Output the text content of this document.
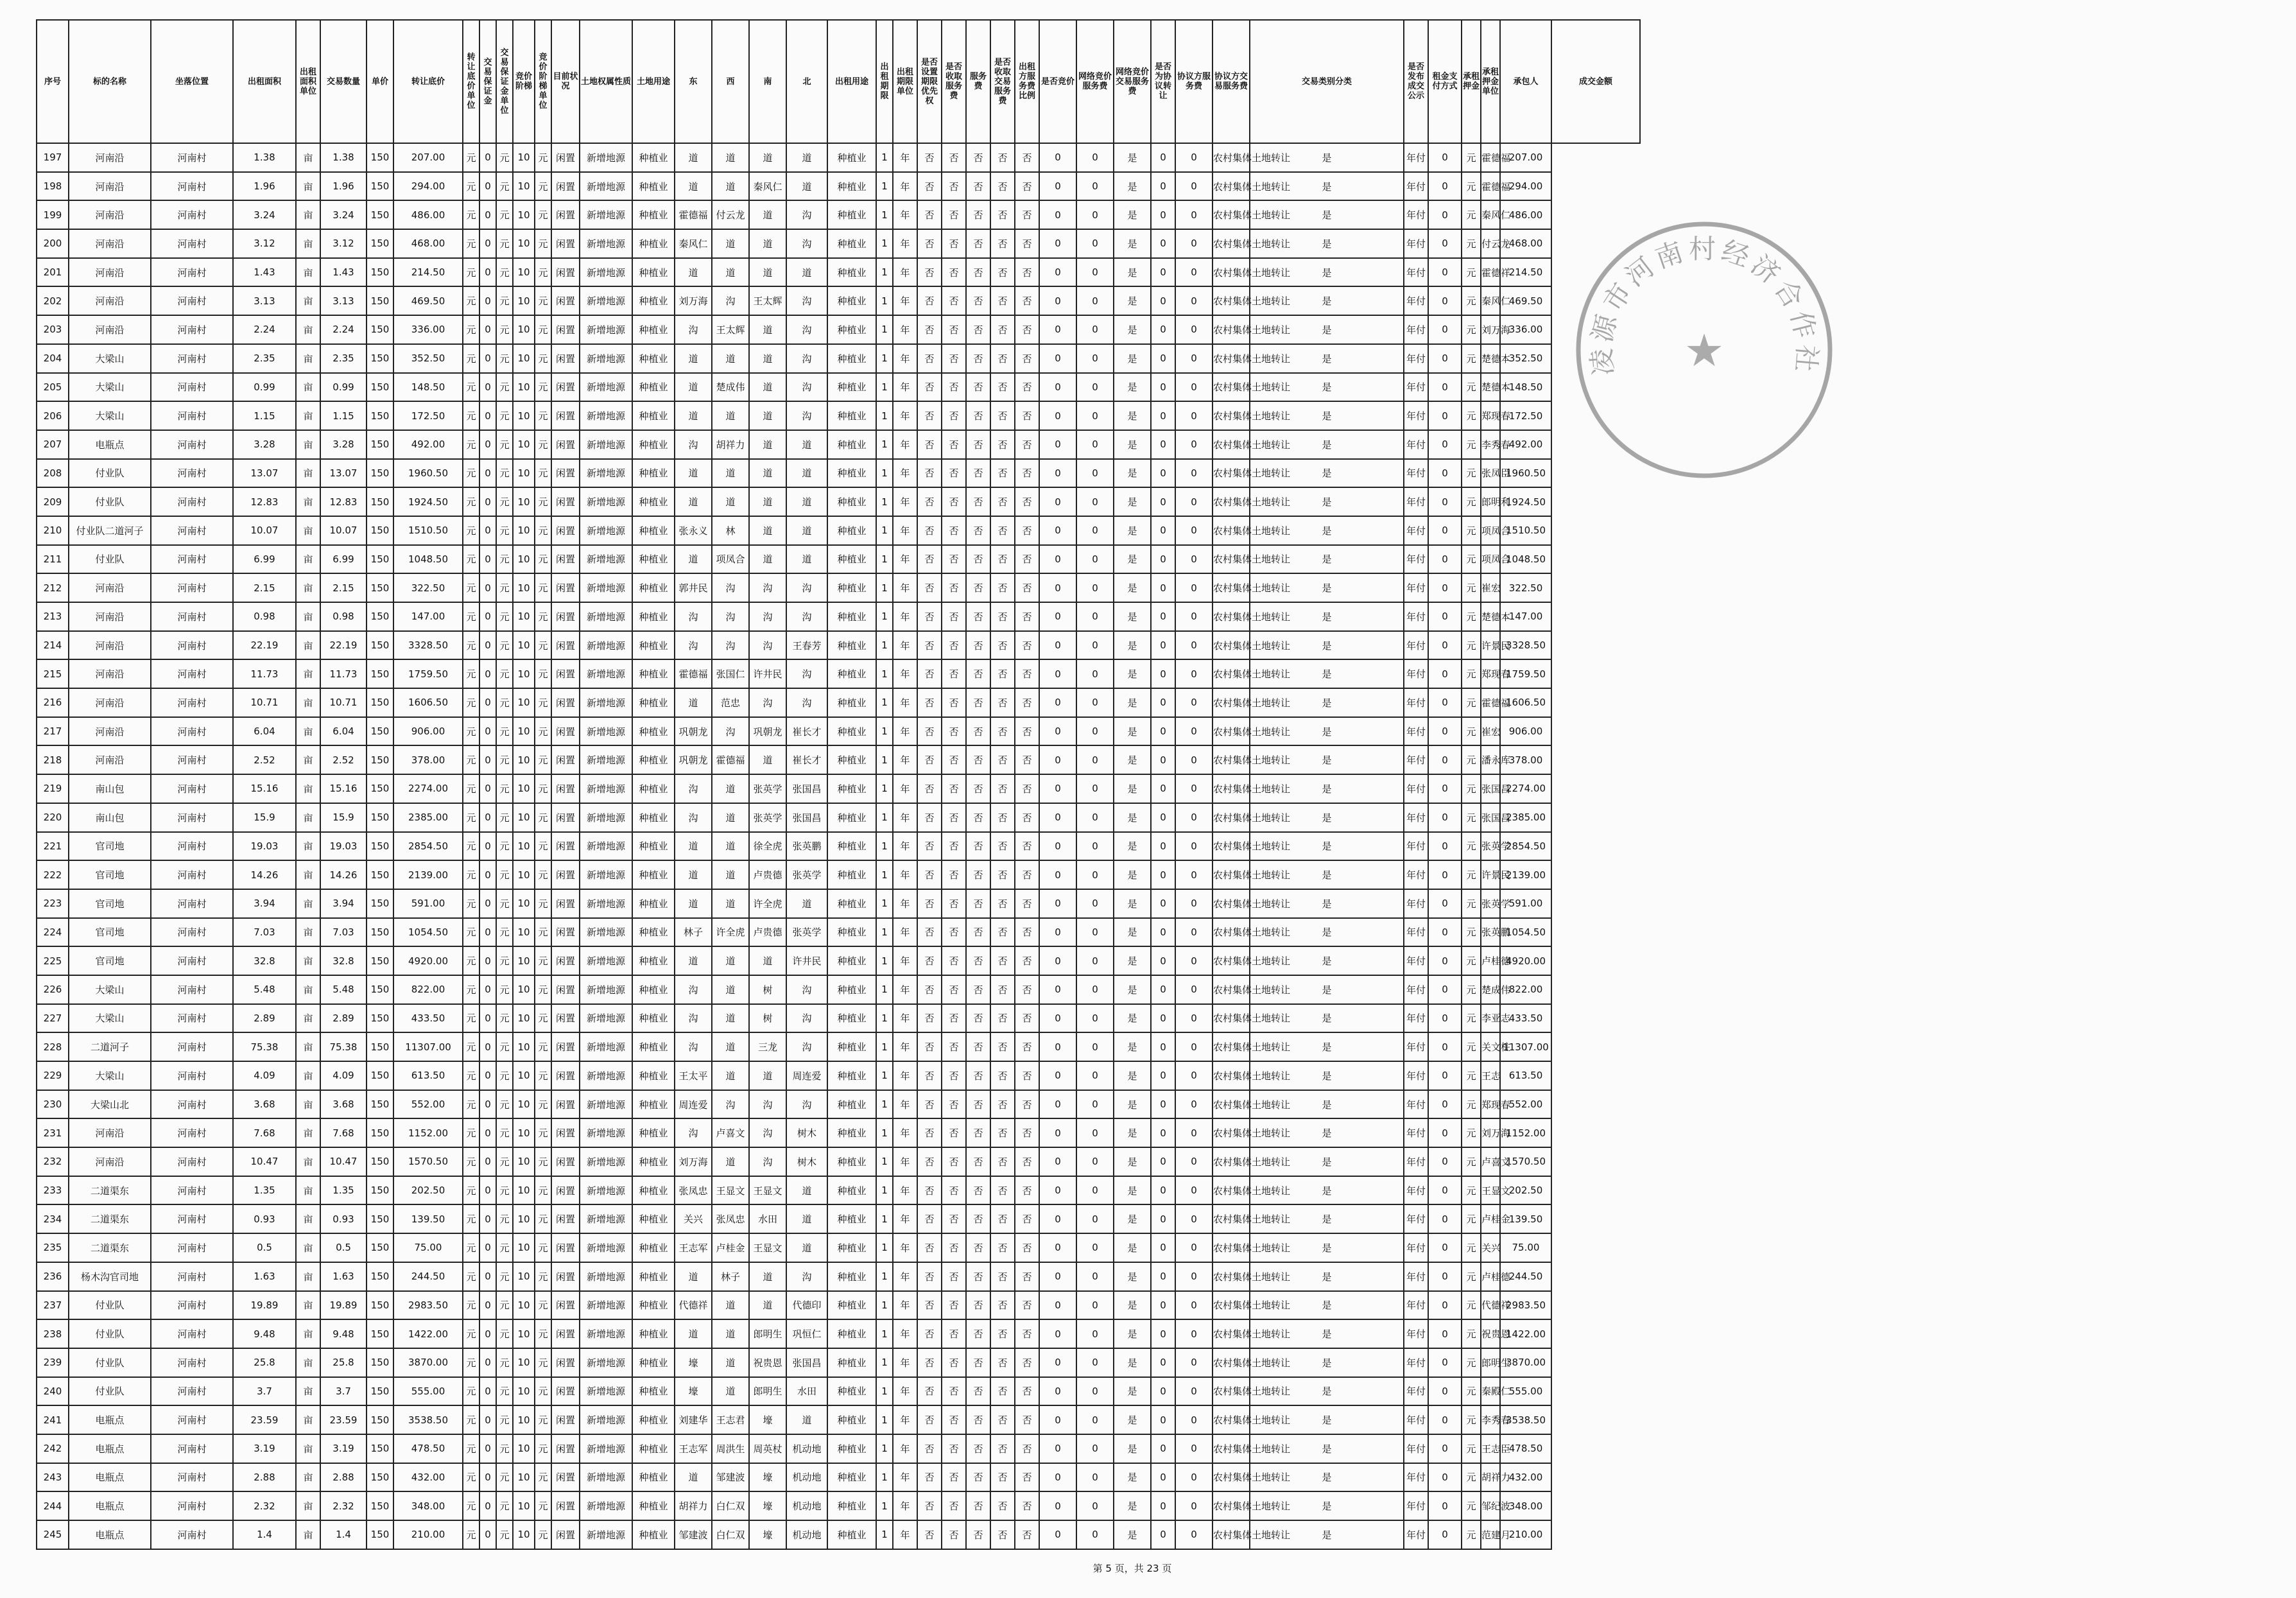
序号	标的名称	坐落位置	出租面积	出租面积单位	交易数量	单价	转让底价	转让底价单位	交易保证金	交易保证金单位	竞价阶梯	竞价阶梯单位	目前状况	土地权属性质	土地用途	东	西	南	北	出租用途	出租期限	出租期限单位	是否设置期限优先权	是否收取服务费	服务费	是否收取交易服务费	出租方服务费比例	是否竞价	网络竞价服务费	网络竞价交易服务费	是否为协议转让	协议方服务费	协议方交易服务费	交易类别分类	是否发布成交公示	租金支付方式	承租押金	承租押金单位	承包人	成交金额
197	河南沿	河南村	1.38	亩	1.38	150	207.00	元	0	元	10	元	闲置	新增地源	种植业	道	道	道	道	种植业	1	年	否	否	否	否	否	0	0	是	0	0	农村集体土地转让	是	年付	0	元	霍德福	207.00	
198	河南沿	河南村	1.96	亩	1.96	150	294.00	元	0	元	10	元	闲置	新增地源	种植业	道	道	秦风仁	道	种植业	1	年	否	否	否	否	否	0	0	是	0	0	农村集体土地转让	是	年付	0	元	霍德福	294.00	
199	河南沿	河南村	3.24	亩	3.24	150	486.00	元	0	元	10	元	闲置	新增地源	种植业	霍德福	付云龙	道	沟	种植业	1	年	否	否	否	否	否	0	0	是	0	0	农村集体土地转让	是	年付	0	元	秦风仁	486.00	
200	河南沿	河南村	3.12	亩	3.12	150	468.00	元	0	元	10	元	闲置	新增地源	种植业	秦风仁	道	道	沟	种植业	1	年	否	否	否	否	否	0	0	是	0	0	农村集体土地转让	是	年付	0	元	付云龙	468.00	
201	河南沿	河南村	1.43	亩	1.43	150	214.50	元	0	元	10	元	闲置	新增地源	种植业	道	道	道	道	种植业	1	年	否	否	否	否	否	0	0	是	0	0	农村集体土地转让	是	年付	0	元	霍德祥	214.50	
202	河南沿	河南村	3.13	亩	3.13	150	469.50	元	0	元	10	元	闲置	新增地源	种植业	刘万海	沟	王太辉	沟	种植业	1	年	否	否	否	否	否	0	0	是	0	0	农村集体土地转让	是	年付	0	元	秦风仁	469.50	
203	河南沿	河南村	2.24	亩	2.24	150	336.00	元	0	元	10	元	闲置	新增地源	种植业	沟	王太辉	道	沟	种植业	1	年	否	否	否	否	否	0	0	是	0	0	农村集体土地转让	是	年付	0	元	刘万海	336.00	
204	大梁山	河南村	2.35	亩	2.35	150	352.50	元	0	元	10	元	闲置	新增地源	种植业	道	道	道	沟	种植业	1	年	否	否	否	否	否	0	0	是	0	0	农村集体土地转让	是	年付	0	元	楚德本	352.50	
205	大梁山	河南村	0.99	亩	0.99	150	148.50	元	0	元	10	元	闲置	新增地源	种植业	道	楚成伟	道	沟	种植业	1	年	否	否	否	否	否	0	0	是	0	0	农村集体土地转让	是	年付	0	元	楚德本	148.50	
206	大梁山	河南村	1.15	亩	1.15	150	172.50	元	0	元	10	元	闲置	新增地源	种植业	道	道	道	沟	种植业	1	年	否	否	否	否	否	0	0	是	0	0	农村集体土地转让	是	年付	0	元	郑现春	172.50	
207	电瓶点	河南村	3.28	亩	3.28	150	492.00	元	0	元	10	元	闲置	新增地源	种植业	沟	胡祥力	道	道	种植业	1	年	否	否	否	否	否	0	0	是	0	0	农村集体土地转让	是	年付	0	元	李秀春	492.00	
208	付业队	河南村	13.07	亩	13.07	150	1960.50	元	0	元	10	元	闲置	新增地源	种植业	道	道	道	道	种植业	1	年	否	否	否	否	否	0	0	是	0	0	农村集体土地转让	是	年付	0	元	张凤臣	1960.50	
209	付业队	河南村	12.83	亩	12.83	150	1924.50	元	0	元	10	元	闲置	新增地源	种植业	道	道	道	道	种植业	1	年	否	否	否	否	否	0	0	是	0	0	农村集体土地转让	是	年付	0	元	郎明利	1924.50	
210	付业队二道河子	河南村	10.07	亩	10.07	150	1510.50	元	0	元	10	元	闲置	新增地源	种植业	张永义	林	道	道	种植业	1	年	否	否	否	否	否	0	0	是	0	0	农村集体土地转让	是	年付	0	元	项凤合	1510.50	
211	付业队	河南村	6.99	亩	6.99	150	1048.50	元	0	元	10	元	闲置	新增地源	种植业	道	项凤合	道	道	种植业	1	年	否	否	否	否	否	0	0	是	0	0	农村集体土地转让	是	年付	0	元	项凤合	1048.50	
212	河南沿	河南村	2.15	亩	2.15	150	322.50	元	0	元	10	元	闲置	新增地源	种植业	郭井民	沟	沟	沟	种植业	1	年	否	否	否	否	否	0	0	是	0	0	农村集体土地转让	是	年付	0	元	崔宏	322.50	
213	河南沿	河南村	0.98	亩	0.98	150	147.00	元	0	元	10	元	闲置	新增地源	种植业	沟	沟	沟	沟	种植业	1	年	否	否	否	否	否	0	0	是	0	0	农村集体土地转让	是	年付	0	元	楚德本	147.00	
214	河南沿	河南村	22.19	亩	22.19	150	3328.50	元	0	元	10	元	闲置	新增地源	种植业	沟	沟	沟	王春芳	种植业	1	年	否	否	否	否	否	0	0	是	0	0	农村集体土地转让	是	年付	0	元	许景民	3328.50	
215	河南沿	河南村	11.73	亩	11.73	150	1759.50	元	0	元	10	元	闲置	新增地源	种植业	霍德福	张国仁	许井民	沟	种植业	1	年	否	否	否	否	否	0	0	是	0	0	农村集体土地转让	是	年付	0	元	郑现春	1759.50	
216	河南沿	河南村	10.71	亩	10.71	150	1606.50	元	0	元	10	元	闲置	新增地源	种植业	道	范忠	沟	沟	种植业	1	年	否	否	否	否	否	0	0	是	0	0	农村集体土地转让	是	年付	0	元	霍德福	1606.50	
217	河南沿	河南村	6.04	亩	6.04	150	906.00	元	0	元	10	元	闲置	新增地源	种植业	巩朝龙	沟	巩朝龙	崔长才	种植业	1	年	否	否	否	否	否	0	0	是	0	0	农村集体土地转让	是	年付	0	元	崔宏	906.00	
218	河南沿	河南村	2.52	亩	2.52	150	378.00	元	0	元	10	元	闲置	新增地源	种植业	巩朝龙	霍德福	道	崔长才	种植业	1	年	否	否	否	否	否	0	0	是	0	0	农村集体土地转让	是	年付	0	元	潘永库	378.00	
219	南山包	河南村	15.16	亩	15.16	150	2274.00	元	0	元	10	元	闲置	新增地源	种植业	沟	道	张英学	张国昌	种植业	1	年	否	否	否	否	否	0	0	是	0	0	农村集体土地转让	是	年付	0	元	张国昌	2274.00	
220	南山包	河南村	15.9	亩	15.9	150	2385.00	元	0	元	10	元	闲置	新增地源	种植业	沟	道	张英学	张国昌	种植业	1	年	否	否	否	否	否	0	0	是	0	0	农村集体土地转让	是	年付	0	元	张国昌	2385.00	
221	官司地	河南村	19.03	亩	19.03	150	2854.50	元	0	元	10	元	闲置	新增地源	种植业	道	道	徐全虎	张英鹏	种植业	1	年	否	否	否	否	否	0	0	是	0	0	农村集体土地转让	是	年付	0	元	张英学	2854.50	
222	官司地	河南村	14.26	亩	14.26	150	2139.00	元	0	元	10	元	闲置	新增地源	种植业	道	道	卢贵德	张英学	种植业	1	年	否	否	否	否	否	0	0	是	0	0	农村集体土地转让	是	年付	0	元	许景民	2139.00	
223	官司地	河南村	3.94	亩	3.94	150	591.00	元	0	元	10	元	闲置	新增地源	种植业	道	道	许全虎	道	种植业	1	年	否	否	否	否	否	0	0	是	0	0	农村集体土地转让	是	年付	0	元	张英学	591.00	
224	官司地	河南村	7.03	亩	7.03	150	1054.50	元	0	元	10	元	闲置	新增地源	种植业	林子	许全虎	卢贵德	张英学	种植业	1	年	否	否	否	否	否	0	0	是	0	0	农村集体土地转让	是	年付	0	元	张英鹏	1054.50	
225	官司地	河南村	32.8	亩	32.8	150	4920.00	元	0	元	10	元	闲置	新增地源	种植业	道	道	道	许井民	种植业	1	年	否	否	否	否	否	0	0	是	0	0	农村集体土地转让	是	年付	0	元	卢桂德	4920.00	
226	大梁山	河南村	5.48	亩	5.48	150	822.00	元	0	元	10	元	闲置	新增地源	种植业	沟	道	树	沟	种植业	1	年	否	否	否	否	否	0	0	是	0	0	农村集体土地转让	是	年付	0	元	楚成伟	822.00	
227	大梁山	河南村	2.89	亩	2.89	150	433.50	元	0	元	10	元	闲置	新增地源	种植业	沟	道	树	沟	种植业	1	年	否	否	否	否	否	0	0	是	0	0	农村集体土地转让	是	年付	0	元	李亚志	433.50	
228	二道河子	河南村	75.38	亩	75.38	150	11307.00	元	0	元	10	元	闲置	新增地源	种植业	沟	道	三龙	沟	种植业	1	年	否	否	否	否	否	0	0	是	0	0	农村集体土地转让	是	年付	0	元	关文柱	11307.00	
229	大梁山	河南村	4.09	亩	4.09	150	613.50	元	0	元	10	元	闲置	新增地源	种植业	王太平	道	道	周连爱	种植业	1	年	否	否	否	否	否	0	0	是	0	0	农村集体土地转让	是	年付	0	元	王志	613.50	
230	大梁山北	河南村	3.68	亩	3.68	150	552.00	元	0	元	10	元	闲置	新增地源	种植业	周连爱	沟	沟	沟	种植业	1	年	否	否	否	否	否	0	0	是	0	0	农村集体土地转让	是	年付	0	元	郑现春	552.00	
231	河南沿	河南村	7.68	亩	7.68	150	1152.00	元	0	元	10	元	闲置	新增地源	种植业	沟	卢喜文	沟	树木	种植业	1	年	否	否	否	否	否	0	0	是	0	0	农村集体土地转让	是	年付	0	元	刘万海	1152.00	
232	河南沿	河南村	10.47	亩	10.47	150	1570.50	元	0	元	10	元	闲置	新增地源	种植业	刘万海	道	沟	树木	种植业	1	年	否	否	否	否	否	0	0	是	0	0	农村集体土地转让	是	年付	0	元	卢喜文	1570.50	
233	二道渠东	河南村	1.35	亩	1.35	150	202.50	元	0	元	10	元	闲置	新增地源	种植业	张凤忠	王显文	王显文	道	种植业	1	年	否	否	否	否	否	0	0	是	0	0	农村集体土地转让	是	年付	0	元	王显文	202.50	
234	二道渠东	河南村	0.93	亩	0.93	150	139.50	元	0	元	10	元	闲置	新增地源	种植业	关兴	张凤忠	水田	道	种植业	1	年	否	否	否	否	否	0	0	是	0	0	农村集体土地转让	是	年付	0	元	卢桂金	139.50	
235	二道渠东	河南村	0.5	亩	0.5	150	75.00	元	0	元	10	元	闲置	新增地源	种植业	王志军	卢桂金	王显文	道	种植业	1	年	否	否	否	否	否	0	0	是	0	0	农村集体土地转让	是	年付	0	元	关兴	75.00	
236	杨木沟官司地	河南村	1.63	亩	1.63	150	244.50	元	0	元	10	元	闲置	新增地源	种植业	道	林子	道	沟	种植业	1	年	否	否	否	否	否	0	0	是	0	0	农村集体土地转让	是	年付	0	元	卢桂德	244.50	
237	付业队	河南村	19.89	亩	19.89	150	2983.50	元	0	元	10	元	闲置	新增地源	种植业	代德祥	道	道	代德印	种植业	1	年	否	否	否	否	否	0	0	是	0	0	农村集体土地转让	是	年付	0	元	代德祥	2983.50	
238	付业队	河南村	9.48	亩	9.48	150	1422.00	元	0	元	10	元	闲置	新增地源	种植业	道	道	郎明生	巩恒仁	种植业	1	年	否	否	否	否	否	0	0	是	0	0	农村集体土地转让	是	年付	0	元	祝贵恩	1422.00	
239	付业队	河南村	25.8	亩	25.8	150	3870.00	元	0	元	10	元	闲置	新增地源	种植业	壕	道	祝贵恩	张国昌	种植业	1	年	否	否	否	否	否	0	0	是	0	0	农村集体土地转让	是	年付	0	元	郎明生	3870.00	
240	付业队	河南村	3.7	亩	3.7	150	555.00	元	0	元	10	元	闲置	新增地源	种植业	壕	道	郎明生	水田	种植业	1	年	否	否	否	否	否	0	0	是	0	0	农村集体土地转让	是	年付	0	元	秦殿仁	555.00	
241	电瓶点	河南村	23.59	亩	23.59	150	3538.50	元	0	元	10	元	闲置	新增地源	种植业	刘建华	王志君	壕	道	种植业	1	年	否	否	否	否	否	0	0	是	0	0	农村集体土地转让	是	年付	0	元	李秀春	3538.50	
242	电瓶点	河南村	3.19	亩	3.19	150	478.50	元	0	元	10	元	闲置	新增地源	种植业	王志军	周洪生	周英杖	机动地	种植业	1	年	否	否	否	否	否	0	0	是	0	0	农村集体土地转让	是	年付	0	元	王志臣	478.50	
243	电瓶点	河南村	2.88	亩	2.88	150	432.00	元	0	元	10	元	闲置	新增地源	种植业	道	邹建波	壕	机动地	种植业	1	年	否	否	否	否	否	0	0	是	0	0	农村集体土地转让	是	年付	0	元	胡祥力	432.00	
244	电瓶点	河南村	2.32	亩	2.32	150	348.00	元	0	元	10	元	闲置	新增地源	种植业	胡祥力	白仁双	壕	机动地	种植业	1	年	否	否	否	否	否	0	0	是	0	0	农村集体土地转让	是	年付	0	元	邹纪波	348.00	
245	电瓶点	河南村	1.4	亩	1.4	150	210.00	元	0	元	10	元	闲置	新增地源	种植业	邹建波	白仁双	壕	机动地	种植业	1	年	否	否	否	否	否	0	0	是	0	0	农村集体土地转让	是	年付	0	元	范建月	210.00	
凌源市河南村经济合作社
★
第 5 页，共 23 页
